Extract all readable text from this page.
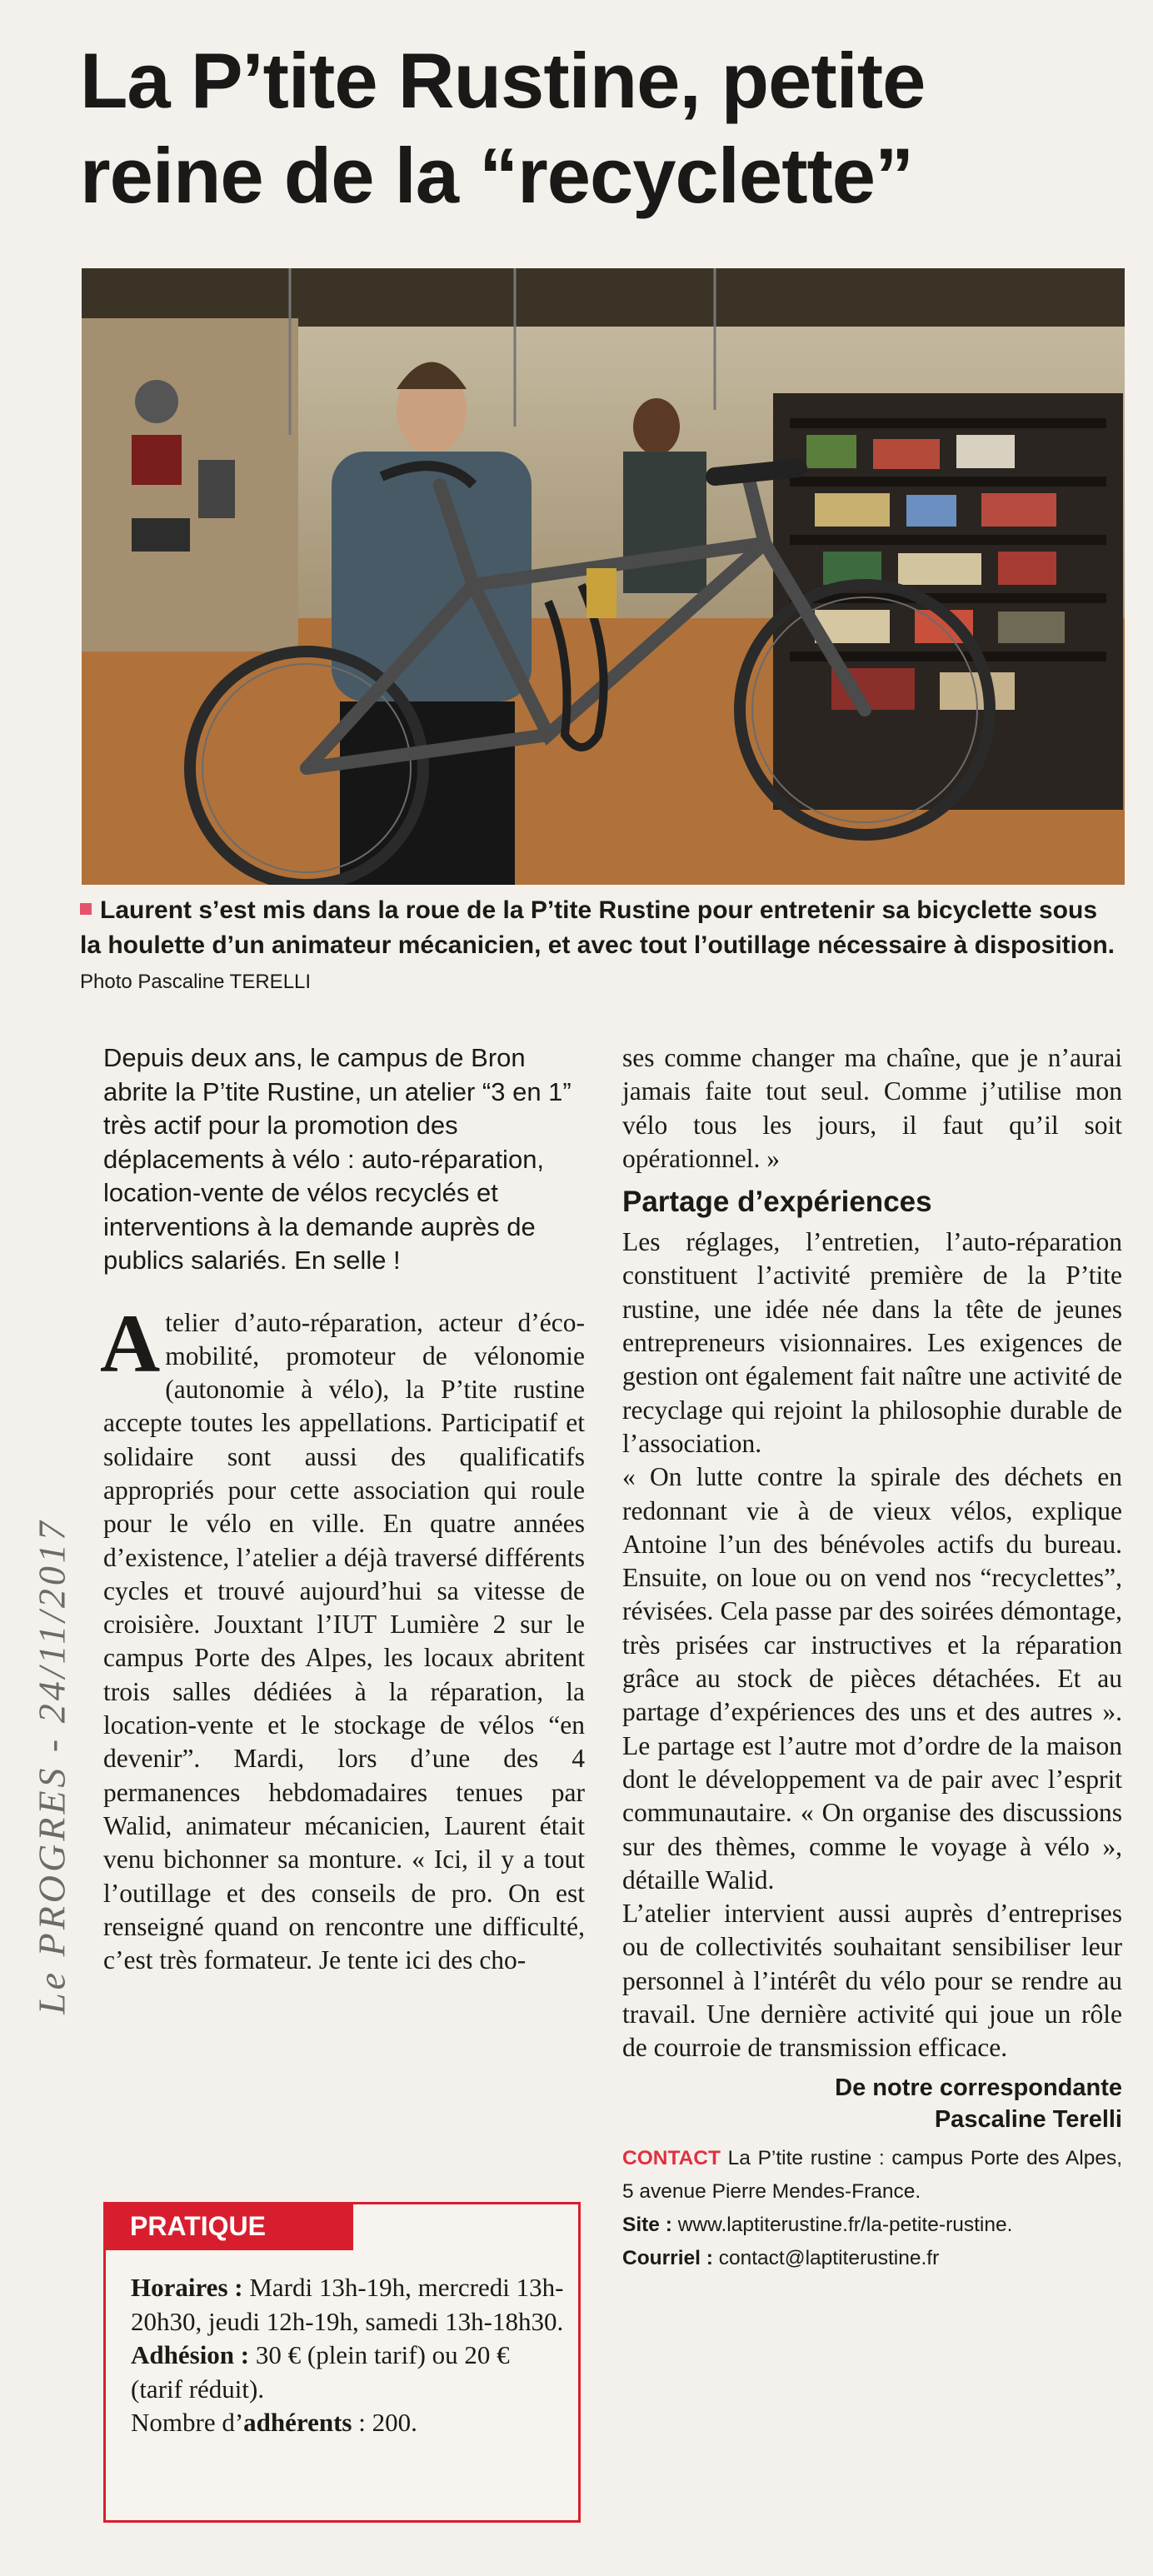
La P’tite Rustine, petite reine de la “recyclette”
Laurent s’est mis dans la roue de la P’tite Rustine pour entretenir sa bicyclette sous la houlette d’un animateur mécanicien, et avec tout l’outillage nécessaire à disposition. Photo Pascaline TERELLI
Le PROGRES - 24/11/2017

Depuis deux ans, le campus de Bron abrite la P’tite Rustine, un atelier “3 en 1” très actif pour la promotion des déplacements à vélo : auto-réparation, location-vente de vélos recyclés et interventions à la demande auprès de publics salariés. En selle !

Atelier d’auto-réparation, acteur d’éco-mobilité, promoteur de vélonomie (autonomie à vélo), la P’tite rustine accepte toutes les appellations. Participatif et solidaire sont aussi des qualificatifs appropriés pour cette association qui roule pour le vélo en ville. En quatre années d’existence, l’atelier a déjà traversé différents cycles et trouvé aujourd’hui sa vitesse de croisière. Jouxtant l’IUT Lumière 2 sur le campus Porte des Alpes, les locaux abritent trois salles dédiées à la réparation, la location-vente et le stockage de vélos “en devenir”. Mardi, lors d’une des 4 permanences hebdomadaires tenues par Walid, animateur mécanicien, Laurent était venu bichonner sa monture. « Ici, il y a tout l’outillage et des conseils de pro. On est renseigné quand on rencontre une difficulté, c’est très formateur. Je tente ici des cho-

PRATIQUE
Horaires : Mardi 13h-19h, mercredi 13h-20h30, jeudi 12h-19h, samedi 13h-18h30. Adhésion : 30 € (plein tarif) ou 20 € (tarif réduit).
Nombre d’adhérents : 200.

ses comme changer ma chaîne, que je n’aurai jamais faite tout seul. Comme j’utilise mon vélo tous les jours, il faut qu’il soit opérationnel. »

Partage d’expériences

Les réglages, l’entretien, l’auto-réparation constituent l’activité première de la P’tite rustine, une idée née dans la tête de jeunes entrepreneurs visionnaires. Les exigences de gestion ont également fait naître une activité de recyclage qui rejoint la philosophie durable de l’association.

« On lutte contre la spirale des déchets en redonnant vie à de vieux vélos, explique Antoine l’un des bénévoles actifs du bureau. Ensuite, on loue ou on vend nos “recyclettes”, révisées. Cela passe par des soirées démontage, très prisées car instructives et la réparation grâce au stock de pièces détachées. Et au partage d’expériences des uns et des autres ». Le partage est l’autre mot d’ordre de la maison dont le développement va de pair avec l’esprit communautaire. « On organise des discussions sur des thèmes, comme le voyage à vélo », détaille Walid.

L’atelier intervient aussi auprès d’entreprises ou de collectivités souhaitant sensibiliser leur personnel à l’intérêt du vélo pour se rendre au travail. Une dernière activité qui joue un rôle de courroie de transmission efficace.

De notre correspondante
Pascaline Terelli
CONTACT La P’tite rustine : campus Porte des Alpes, 5 avenue Pierre Mendes-France.
Site : www.laptiterustine.fr/la-petite-rustine.
Courriel : contact@laptiterustine.fr
